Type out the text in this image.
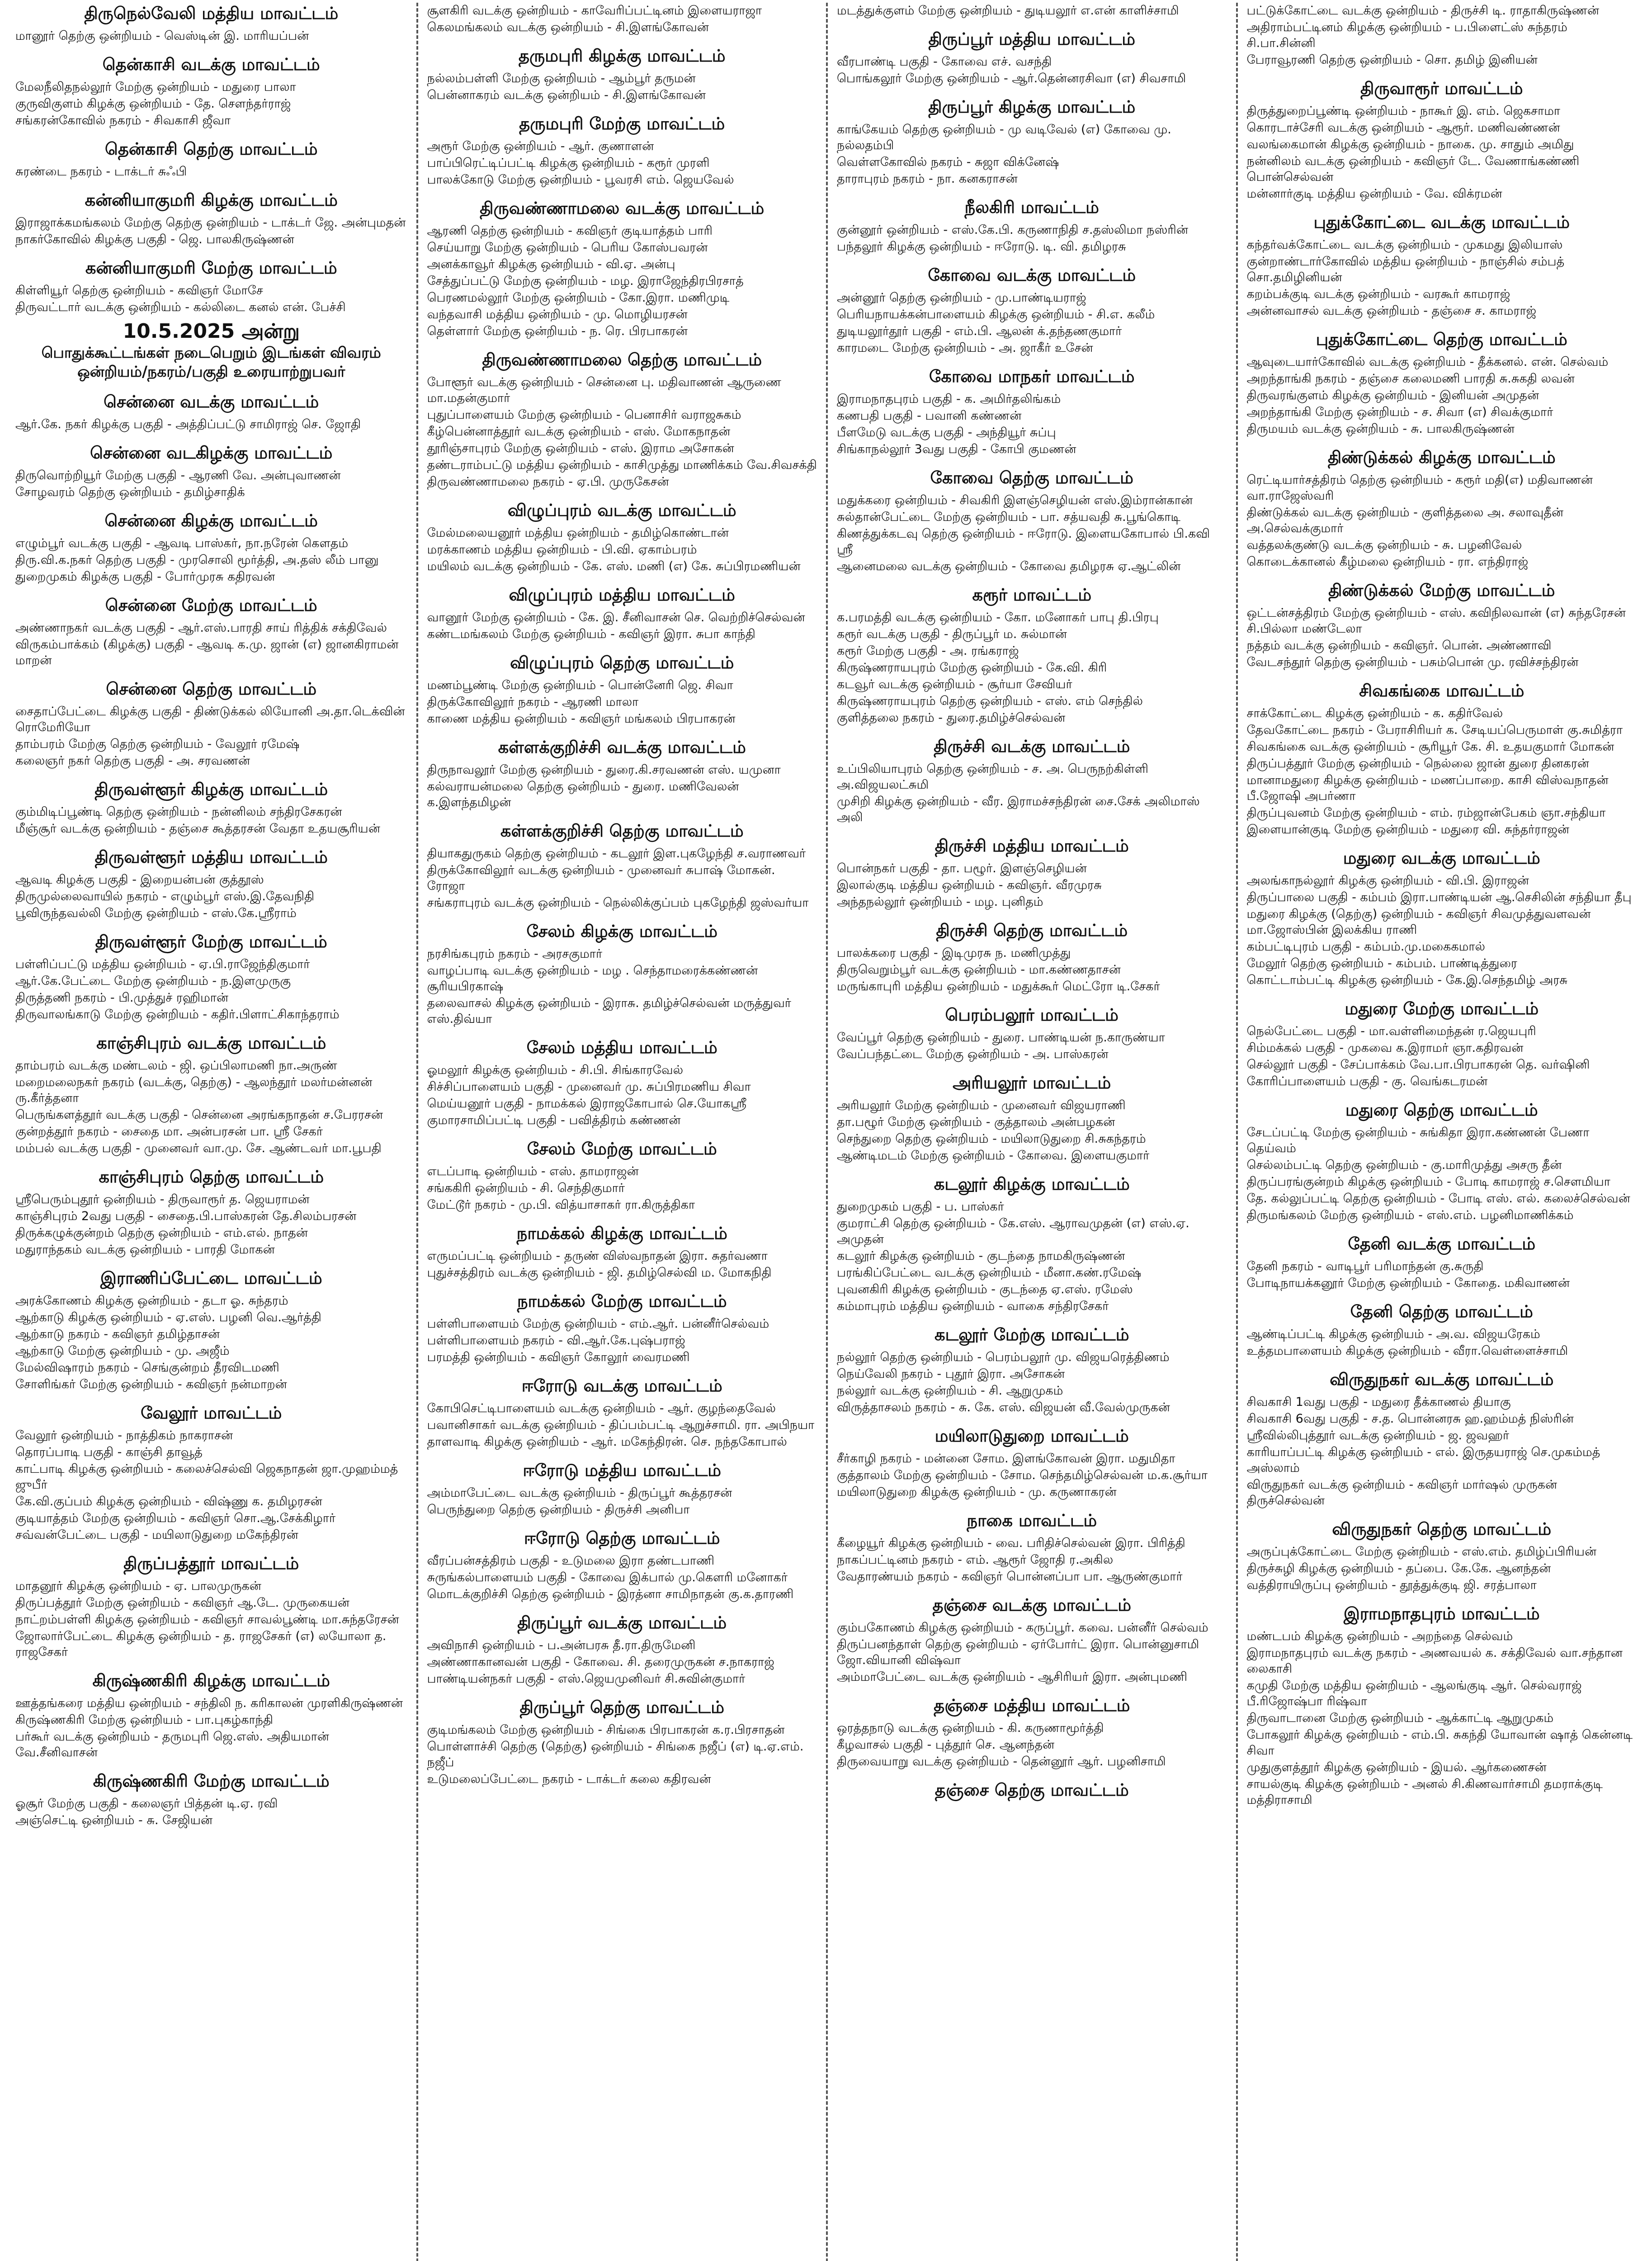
திருநெல்வேலி மத்திய மாவட்டம்
மானூர் தெற்கு ஒன்றியம் - வெஸ்டின் இ. மாரியப்பன்
தென்காசி வடக்கு மாவட்டம்
மேலநீலிதநல்லூர் மேற்கு ஒன்றியம் - மதுரை பாலா
குருவிகுளம் கிழக்கு ஒன்றியம் - தே. சௌந்தர்ராஜ்
சங்கரன்கோவில் நகரம் - சிவகாசி ஜீவா
தென்காசி தெற்கு மாவட்டம்
சுரண்டை நகரம் - டாக்டர் சுஃபி
கன்னியாகுமரி கிழக்கு மாவட்டம்
இராஜாக்கமங்கலம் மேற்கு தெற்கு ஒன்றியம் - டாக்டர் ஜே. அன்புமதன்
நாகர்கோவில் கிழக்கு பகுதி - ஜெ. பாலகிருஷ்ணன்
கன்னியாகுமரி மேற்கு மாவட்டம்
கிள்ளியூர் தெற்கு ஒன்றியம் - கவிஞர் மோசே
திருவட்டார் வடக்கு ஒன்றியம் - கல்லிடை கனல் என். பேச்சி
10.5.2025 அன்று
பொதுக்கூட்டங்கள் நடைபெறும் இடங்கள் விவரம்
ஒன்றியம்/நகரம்/பகுதி உரையாற்றுபவர்
சென்னை வடக்கு மாவட்டம்
ஆர்.கே. நகர் கிழக்கு பகுதி - அத்திப்பட்டு சாமிராஜ் செ. ஜோதி
சென்னை வடகிழக்கு மாவட்டம்
திருவொற்றியூர் மேற்கு பகுதி - ஆரணி வே. அன்புவாணன்
சோழவரம் தெற்கு ஒன்றியம் - தமிழ்சாதிக்
சென்னை கிழக்கு மாவட்டம்
எழும்பூர் வடக்கு பகுதி - ஆவடி பாஸ்கர், நா.நரேன் கௌதம்
திரு.வி.க.நகர் தெற்கு பகுதி - முரசொலி மூர்த்தி, அ.தஸ் லீம் பானு
துறைமுகம் கிழக்கு பகுதி - போர்முரசு கதிரவன்
சென்னை மேற்கு மாவட்டம்
அண்ணாநகர் வடக்கு பகுதி - ஆர்.எஸ்.பாரதி சாய் ரித்திக் சக்திவேல்
விருகம்பாக்கம் (கிழக்கு) பகுதி - ஆவடி க.மு. ஜான் (எ) ஜானகிராமன் மாறன்
சென்னை தெற்கு மாவட்டம்
சைதாப்பேட்டை கிழக்கு பகுதி - திண்டுக்கல் லியோனி அ.தா.டெக்வின் ரொமேரியோ
தாம்பரம் மேற்கு தெற்கு ஒன்றியம் - வேலூர் ரமேஷ்
கலைஞர் நகர் தெற்கு பகுதி - அ. சரவணன்
திருவள்ளூர் கிழக்கு மாவட்டம்
கும்மிடிப்பூண்டி தெற்கு ஒன்றியம் - நன்னிலம் சந்திரசேகரன்
மீஞ்சூர் வடக்கு ஒன்றியம் - தஞ்சை கூத்தரசன் வேதா உதயசூரியன்
திருவள்ளூர் மத்திய மாவட்டம்
ஆவடி கிழக்கு பகுதி - இறையன்பன் குத்தூஸ்
திருமுல்லைவாயில் நகரம் - எழும்பூர் எஸ்.இ.தேவநிதி
பூவிருந்தவல்லி மேற்கு ஒன்றியம் - எஸ்.கே.ஸ்ரீராம்
திருவள்ளூர் மேற்கு மாவட்டம்
பள்ளிப்பட்டு மத்திய ஒன்றியம் - ஏ.பி.ராஜேந்திகுமார்
ஆர்.கே.பேட்டை மேற்கு ஒன்றியம் - ந.இளமுருகு
திருத்தணி நகரம் - பி.முத்துச் ரஹிமான்
திருவாலங்காடு மேற்கு ஒன்றியம் - கதிர்.பிளாட்சிகாந்தராம்
காஞ்சிபுரம் வடக்கு மாவட்டம்
தாம்பரம் வடக்கு மண்டலம் - ஜி. ஒப்பிலாமணி நா.அருண்
மறைமலைநகர் நகரம் (வடக்கு, தெற்கு) - ஆலந்தூர் மலர்மன்னன் ரு.கீர்த்தனா
பெருங்களத்தூர் வடக்கு பகுதி - சென்னை அரங்கநாதன் ச.பேரரசன்
குன்றத்தூர் நகரம் - சைதை மா. அன்பரசன் பா. ஸ்ரீ சேகர்
மம்பல் வடக்கு பகுதி - முனைவர் வா.மு. சே. ஆண்டவர் மா.பூபதி
காஞ்சிபுரம் தெற்கு மாவட்டம்
ஸ்ரீபெரும்புதூர் ஒன்றியம் - திருவாரூர் த. ஜெயராமன்
காஞ்சிபுரம் 2வது பகுதி - சைதை.பி.பாஸ்கரன் தே.சிலம்பரசன்
திருக்கழுக்குன்றம் தெற்கு ஒன்றியம் - எம்.எல். நாதன்
மதுராந்தகம் வடக்கு ஒன்றியம் - பாரதி மோகன்
இராணிப்பேட்டை மாவட்டம்
அரக்கோணம் கிழக்கு ஒன்றியம் - தடா ஓ. சுந்தரம்
ஆற்காடு கிழக்கு ஒன்றியம் - ஏ.எஸ். பழனி வெ.ஆர்த்தி
ஆற்காடு நகரம் - கவிஞர் தமிழ்தாசன்
ஆற்காடு மேற்கு ஒன்றியம் - மு. அஜீம்
மேல்விஷாரம் நகரம் - செங்குன்றம் தீரவிடமணி
சோளிங்கர் மேற்கு ஒன்றியம் - கவிஞர் நன்மாறன்
வேலூர் மாவட்டம்
வேலூர் ஒன்றியம் - நாத்திகம் நாகராசன்
தொரப்பாடி பகுதி - காஞ்சி தாவூத்
காட்பாடி கிழக்கு ஒன்றியம் - கலைச்செல்வி ஜெகநாதன் ஜா.முஹம்மத் ஜுபீர்
கே.வி.குப்பம் கிழக்கு ஒன்றியம் - விஷ்ணு க. தமிழரசன்
குடியாத்தம் மேற்கு ஒன்றியம் - கவிஞர் சொ.ஆ.சேக்கிழார்
சவ்வன்பேட்டை பகுதி - மயிலாடுதுறை மகேந்திரன்
திருப்பத்தூர் மாவட்டம்
மாதனூர் கிழக்கு ஒன்றியம் - ஏ. பாலமுருகன்
திருப்பத்தூர் மேற்கு ஒன்றியம் - கவிஞர் ஆ.டே. முருகையன்
நாட்றம்பள்ளி கிழக்கு ஒன்றியம் - கவிஞர் சாவல்பூண்டி மா.சுந்தரேசன்
ஜோலார்பேட்டை கிழக்கு ஒன்றியம் - த. ராஜசேகர் (எ) லயோலா த. ராஜசேகர்
கிருஷ்ணகிரி கிழக்கு மாவட்டம்
ஊத்தங்கரை மத்திய ஒன்றியம் - சந்திலி ந. கரிகாலன் முரளிகிருஷ்ணன்
கிருஷ்ணகிரி மேற்கு ஒன்றியம் - பா.புகழ்காந்தி
பர்கூர் வடக்கு ஒன்றியம் - தருமபுரி ஜெ.எஸ். அதியமான் வே.சீனிவாசன்
கிருஷ்ணகிரி மேற்கு மாவட்டம்
ஓசூர் மேற்கு பகுதி - கலைஞர் பித்தன் டி.ஏ. ரவி
அஞ்செட்டி ஒன்றியம் - சு. சேஜியன்
சூளகிரி வடக்கு ஒன்றியம் - காவேரிப்பட்டினம் இளையராஜா
கெலமங்கலம் வடக்கு ஒன்றியம் - சி.இளங்கோவன்
தருமபுரி கிழக்கு மாவட்டம்
நல்லம்பள்ளி மேற்கு ஒன்றியம் - ஆம்பூர் தருமன்
பென்னாகரம் வடக்கு ஒன்றியம் - சி.இளங்கோவன்
தருமபுரி மேற்கு மாவட்டம்
அரூர் மேற்கு ஒன்றியம் - ஆர். குணாளன்
பாப்பிரெட்டிப்பட்டி கிழக்கு ஒன்றியம் - கரூர் முரளி
பாலக்கோடு மேற்கு ஒன்றியம் - பூவரசி எம். ஜெயவேல்
திருவண்ணாமலை வடக்கு மாவட்டம்
ஆரணி தெற்கு ஒன்றியம் - கவிஞர் குடியாத்தம் பாரி
செய்யாறு மேற்கு ஒன்றியம் - பெரிய கோஸ்பவரன்
அனக்காவூர் கிழக்கு ஒன்றியம் - வி.ஏ. அன்பு
சேத்துப்பட்டு மேற்கு ஒன்றியம் - மழ. இராஜேந்திரபிரசாத்
பெரணமல்லூர் மேற்கு ஒன்றியம் - கோ.இரா. மணிமுடி
வந்தவாசி மத்திய ஒன்றியம் - மு. மொழியரசன்
தெள்ளார் மேற்கு ஒன்றியம் - ந. ரெ. பிரபாகரன்
திருவண்ணாமலை தெற்கு மாவட்டம்
போளூர் வடக்கு ஒன்றியம் - சென்னை பு. மதிவாணன் ஆருணை மா.மதன்குமார்
புதுப்பாளையம் மேற்கு ஒன்றியம் - பெனாசிர் வராஜசுகம்
கீழ்பென்னாத்தூர் வடக்கு ஒன்றியம் - எஸ். மோகநாதன்
தூரிஞ்சாபுரம் மேற்கு ஒன்றியம் - எஸ். இராம அசோகன்
தண்டராம்பட்டு மத்திய ஒன்றியம் - காசிமுத்து மாணிக்கம் வே.சிவசக்தி
திருவண்ணாமலை நகரம் - ஏ.பி. முருகேசன்
விழுப்புரம் வடக்கு மாவட்டம்
மேல்மலையனூர் மத்திய ஒன்றியம் - தமிழ்கொண்டான்
மரக்காணம் மத்திய ஒன்றியம் - பி.வி. ஏகாம்பரம்
மயிலம் வடக்கு ஒன்றியம் - கே. எஸ். மணி (எ) கே. சுப்பிரமணியன்
விழுப்புரம் மத்திய மாவட்டம்
வானூர் மேற்கு ஒன்றியம் - கே. இ. சீனிவாசன் செ. வெற்றிச்செல்வன்
கண்டமங்கலம் மேற்கு ஒன்றியம் - கவிஞர் இரா. சுபா காந்தி
விழுப்புரம் தெற்கு மாவட்டம்
மணம்பூண்டி மேற்கு ஒன்றியம் - பொன்னேரி ஜெ. சிவா
திருக்கோவிலூர் நகரம் - ஆரணி மாலா
காணை மத்திய ஒன்றியம் - கவிஞர் மங்கலம் பிரபாகரன்
கள்ளக்குறிச்சி வடக்கு மாவட்டம்
திருநாவலூர் மேற்கு ஒன்றியம் - துரை.கி.சரவணன் எஸ். யமுனா
கல்வராயன்மலை தெற்கு ஒன்றியம் - துரை. மணிவேலன் க.இளந்தமிழன்
கள்ளக்குறிச்சி தெற்கு மாவட்டம்
தியாகதுருகம் தெற்கு ஒன்றியம் - கடலூர் இள.புகழேந்தி ச.வராணவர்
திருக்கோவிலூர் வடக்கு ஒன்றியம் - முனைவர் சுபாஷ் மோகன். ரோஜா
சங்கராபுரம் வடக்கு ஒன்றியம் - நெல்லிக்குப்பம் புகழேந்தி ஜஸ்வர்யா
சேலம் கிழக்கு மாவட்டம்
நரசிங்கபுரம் நகரம் - அரசகுமார்
வாழப்பாடி வடக்கு ஒன்றியம் - மழ . செந்தாமரைக்கண்ணன் சூரியபிரகாஷ்
தலைவாசல் கிழக்கு ஒன்றியம் - இராசு. தமிழ்ச்செல்வன் மருத்துவர் எஸ்.திவ்யா
சேலம் மத்திய மாவட்டம்
ஓமலூர் கிழக்கு ஒன்றியம் - சி.பி. சிங்காரவேல்
சிச்சிப்பாளையம் பகுதி - முனைவர் மு. சுப்பிரமணிய சிவா
மெய்யனூர் பகுதி - நாமக்கல் இராஜகோபால் செ.யோகஸ்ரீ
குமாரசாமிப்பட்டி பகுதி - பவித்திரம் கண்ணன்
சேலம் மேற்கு மாவட்டம்
எடப்பாடி ஒன்றியம் - எஸ். தாமராஜன்
சங்ககிரி ஒன்றியம் - சி. செந்திகுமார்
மேட்டூர் நகரம் - மு.பி. வித்யாசாகர் ரா.கிருத்திகா
நாமக்கல் கிழக்கு மாவட்டம்
எருமப்பட்டி ஒன்றியம் - தருண் விஸ்வநாதன் இரா. சுதர்வணா
புதுச்சத்திரம் வடக்கு ஒன்றியம் - ஜி. தமிழ்செல்வி ம. மோகநிதி
நாமக்கல் மேற்கு மாவட்டம்
பள்ளிபாளையம் மேற்கு ஒன்றியம் - எம்.ஆர். பன்னீர்செல்வம்
பள்ளிபாளையம் நகரம் - வி.ஆர்.கே.புஷ்பராஜ்
பரமத்தி ஒன்றியம் - கவிஞர் கோலூர் வைரமணி
ஈரோடு வடக்கு மாவட்டம்
கோபிசெட்டிபாளையம் வடக்கு ஒன்றியம் - ஆர். குழந்தைவேல்
பவானிசாகர் வடக்கு ஒன்றியம் - திப்பம்பட்டி ஆறுச்சாமி. ரா. அபிநயா
தாளவாடி கிழக்கு ஒன்றியம் - ஆர். மகேந்திரன். செ. நந்தகோபால்
ஈரோடு மத்திய மாவட்டம்
அம்மாபேட்டை வடக்கு ஒன்றியம் - திருப்பூர் கூத்தரசன்
பெருந்துறை தெற்கு ஒன்றியம் - திருச்சி அனிபா
ஈரோடு தெற்கு மாவட்டம்
வீரப்பன்சத்திரம் பகுதி - உடுமலை இரா தண்டபாணி
சுருங்கல்பாளையம் பகுதி - கோவை இக்பால் மு.கௌரி மனோகர்
மொடக்குறிச்சி தெற்கு ஒன்றியம் - இரத்னா சாமிநாதன் கு.க.தாரணி
திருப்பூர் வடக்கு மாவட்டம்
அவிநாசி ஒன்றியம் - ப.அன்பரசு தீ.ரா.திருமேனி
அண்ணாகானவன் பகுதி - கோவை. சி. தரைமுருகன் ச.நாகராஜ்
பாண்டியன்நகர் பகுதி - எஸ்.ஜெயமுனிவர் சி.சுவின்குமார்
திருப்பூர் தெற்கு மாவட்டம்
குடிமங்கலம் மேற்கு ஒன்றியம் - சிங்கை பிரபாகரன் க.ர.பிரசாதன்
பொள்ளாச்சி தெற்கு (தெற்கு) ஒன்றியம் - சிங்கை நஜீப் (எ) டி.ஏ.எம். நஜீப்
உடுமலைப்பேட்டை நகரம் - டாக்டர் கலை கதிரவன்
மடத்துக்குளம் மேற்கு ஒன்றியம் - துடியலூர் எ.என் காளிச்சாமி
திருப்பூர் மத்திய மாவட்டம்
வீரபாண்டி பகுதி - கோவை எச். வசந்தி
பொங்கலூர் மேற்கு ஒன்றியம் - ஆர்.தென்னரசிவா (எ) சிவசாமி
திருப்பூர் கிழக்கு மாவட்டம்
காங்கேயம் தெற்கு ஒன்றியம் - மு வடிவேல் (எ) கோவை மு. நல்லதம்பி
வெள்ளகோவில் நகரம் - சுஜா விக்னேஷ்
தாராபுரம் நகரம் - நா. கனகராசன்
நீலகிரி மாவட்டம்
குன்னூர் ஒன்றியம் - எஸ்.கே.பி. கருணாநிதி ச.தஸ்லிமா நஸ்ரின்
பந்தலூர் கிழக்கு ஒன்றியம் - ஈரோடு. டி. வி. தமிழரசு
கோவை வடக்கு மாவட்டம்
அன்னூர் தெற்கு ஒன்றியம் - மு.பாண்டியராஜ்
பெரியநாயக்கன்பாளையம் கிழக்கு ஒன்றியம் - சி.எ. கலீம்
துடியலூர்தூர் பகுதி - எம்.பி. ஆலன் க்.தந்தணகுமார்
காரமடை மேற்கு ஒன்றியம் - அ. ஜாகீர் உசேன்
கோவை மாநகர் மாவட்டம்
இராமநாதபுரம் பகுதி - க. அமிர்தலிங்கம்
கணபதி பகுதி - பவானி கண்ணன்
பீளமேடு வடக்கு பகுதி - அந்தியூர் சுப்பு
சிங்காநல்லூர் 3வது பகுதி - கோபி குமணன்
கோவை தெற்கு மாவட்டம்
மதுக்கரை ஒன்றியம் - சிவகிரி இளஞ்செழியன் எஸ்.இம்ரான்கான்
சுல்தான்பேட்டை மேற்கு ஒன்றியம் - பா. சத்யவதி சு.பூங்கொடி
கிணத்துக்கடவு தெற்கு ஒன்றியம் - ஈரோடு. இளையகோபால் பி.கவி ஸ்ரீ
ஆனைமலை வடக்கு ஒன்றியம் - கோவை தமிழரசு ஏ.ஆட்லின்
கரூர் மாவட்டம்
க.பரமத்தி வடக்கு ஒன்றியம் - கோ. மனோகர் பாபு தி.பிரபு
கரூர் வடக்கு பகுதி - திருப்பூர் ம. சுல்மான்
கரூர் மேற்கு பகுதி - அ. ரங்கராஜ்
கிருஷ்ணராயபுரம் மேற்கு ஒன்றியம் - கே.வி. கிரி
கடவூர் வடக்கு ஒன்றியம் - சூர்யா சேவியர்
கிருஷ்ணராயபுரம் தெற்கு ஒன்றியம் - எஸ். எம் செந்தில்
குளித்தலை நகரம் - துரை.தமிழ்ச்செல்வன்
திருச்சி வடக்கு மாவட்டம்
உப்பிலியாபுரம் தெற்கு ஒன்றியம் - ச. அ. பெருநற்கிள்ளி அ.விஜயலட்சுமி
முசிறி கிழக்கு ஒன்றியம் - வீர. இராமச்சந்திரன் சை.சேக் அலிமாஸ் அலி
திருச்சி மத்திய மாவட்டம்
பொன்நகர் பகுதி - தா. பழூர். இளஞ்செழியன்
இலால்குடி மத்திய ஒன்றியம் - கவிஞர். வீரமுரசு
அந்தநல்லூர் ஒன்றியம் - மழ. புனிதம்
திருச்சி தெற்கு மாவட்டம்
பாலக்கரை பகுதி - இடிமுரசு ந. மணிமுத்து
திருவெறும்பூர் வடக்கு ஒன்றியம் - மா.கண்ணதாசன்
மருங்காபுரி மத்திய ஒன்றியம் - மதுக்கூர் மெட்ரோ டி.சேகர்
பெரம்பலூர் மாவட்டம்
வேப்பூர் தெற்கு ஒன்றியம் - துரை. பாண்டியன் ந.காருண்யா
வேப்பந்தட்டை மேற்கு ஒன்றியம் - அ. பாஸ்கரன்
அரியலூர் மாவட்டம்
அரியலூர் மேற்கு ஒன்றியம் - முனைவர் விஜயராணி
தா.பழூர் மேற்கு ஒன்றியம் - குத்தாலம் அன்பழகன்
செந்துறை தெற்கு ஒன்றியம் - மயிலாடுதுறை சி.சுகந்தரம்
ஆண்டிமடம் மேற்கு ஒன்றியம் - கோவை. இளையகுமார்
கடலூர் கிழக்கு மாவட்டம்
துறைமுகம் பகுதி - ப. பாஸ்கர்
குமராட்சி தெற்கு ஒன்றியம் - கே.எஸ். ஆராவமுதன் (எ) எஸ்.ஏ. அமுதன்
கடலூர் கிழக்கு ஒன்றியம் - குடந்தை நாமகிருஷ்ணன்
பரங்கிப்பேட்டை வடக்கு ஒன்றியம் - மீனா.கண்.ரமேஷ்
புவனகிரி கிழக்கு ஒன்றியம் - குடந்தை ஏ.எஸ். ரமேஸ்
கம்மாபுரம் மத்திய ஒன்றியம் - வாகை சந்திரசேகர்
கடலூர் மேற்கு மாவட்டம்
நல்லூர் தெற்கு ஒன்றியம் - பெரம்பலூர் மு. விஜயரெத்திணம்
நெய்வேலி நகரம் - புதூர் இரா. அசோகன்
நல்லூர் வடக்கு ஒன்றியம் - சி. ஆறுமுகம்
விருத்தாசலம் நகரம் - சு. கே. எஸ். விஜயன் வீ.வேல்முருகன்
மயிலாடுதுறை மாவட்டம்
சீர்காழி நகரம் - மன்னை சோம. இளங்கோவன் இரா. மதுமிதா
குத்தாலம் மேற்கு ஒன்றியம் - சோம. செந்தமிழ்செல்வன் ம.க.சூர்யா
மயிலாடுதுறை கிழக்கு ஒன்றியம் - மு. கருணாகரன்
நாகை மாவட்டம்
கீழையூர் கிழக்கு ஒன்றியம் - வை. பரிதிச்செல்வன் இரா. பிரித்தி
நாகப்பட்டினம் நகரம் - எம். ஆரூர் ஜோதி ர.அகில
வேதாரண்யம் நகரம் - கவிஞர் பொன்னப்பா பா. ஆருண்குமார்
தஞ்சை வடக்கு மாவட்டம்
கும்பகோணம் கிழக்கு ஒன்றியம் - கருப்பூர். கவை. பன்னீர் செல்வம்
திருப்பனந்தாள் தெற்கு ஒன்றியம் - ஏர்போர்ட் இரா. பொன்னுசாமி ஜோ.வியானி விஷ்வா
அம்மாபேட்டை வடக்கு ஒன்றியம் - ஆசிரியர் இரா. அன்புமணி
தஞ்சை மத்திய மாவட்டம்
ஒரத்தநாடு வடக்கு ஒன்றியம் - கி. கருணாமூர்த்தி
கீழவாசல் பகுதி - புத்தூர் செ. ஆனந்தன்
திருவையாறு வடக்கு ஒன்றியம் - தென்னூர் ஆர். பழனிசாமி
தஞ்சை தெற்கு மாவட்டம்
பட்டுக்கோட்டை வடக்கு ஒன்றியம் - திருச்சி டி. ராதாகிருஷ்ணன்
அதிராம்பட்டினம் கிழக்கு ஒன்றியம் - ப.பிளைட்ஸ் சுந்தரம் சி.பா.சின்னி
பேராவூரணி தெற்கு ஒன்றியம் - சொ. தமிழ் இனியன்
திருவாரூர் மாவட்டம்
திருத்துறைப்பூண்டி ஒன்றியம் - நாகூர் இ. எம். ஜெகசாமா
கொரடாச்சேரி வடக்கு ஒன்றியம் - ஆரூர். மணிவண்ணன்
வலங்கைமான் கிழக்கு ஒன்றியம் - நாகை. மு. சாதும் அமிது
நன்னிலம் வடக்கு ஒன்றியம் - கவிஞர் டே. வேணாங்கண்ணி பொன்செல்வன்
மன்னார்குடி மத்திய ஒன்றியம் - வே. விக்ரமன்
புதுக்கோட்டை வடக்கு மாவட்டம்
கந்தர்வக்கோட்டை வடக்கு ஒன்றியம் - முகமது இலியாஸ்
குன்றாண்டார்கோவில் மத்திய ஒன்றியம் - நாஞ்சில் சம்பத் சொ.தமிழினியன்
கறம்பக்குடி வடக்கு ஒன்றியம் - வரகூர் காமராஜ்
அன்னவாசல் வடக்கு ஒன்றியம் - தஞ்சை ச. காமராஜ்
புதுக்கோட்டை தெற்கு மாவட்டம்
ஆவுடையார்கோவில் வடக்கு ஒன்றியம் - தீக்கனல். என். செல்வம்
அறந்தாங்கி நகரம் - தஞ்சை கலைமணி பாரதி சு.சுகதி லவன்
திருவரங்குளம் கிழக்கு ஒன்றியம் - இனியன் அமுதன்
அறந்தாங்கி மேற்கு ஒன்றியம் - ச. சிவா (எ) சிவக்குமார்
திருமயம் வடக்கு ஒன்றியம் - சு. பாலகிருஷ்ணன்
திண்டுக்கல் கிழக்கு மாவட்டம்
ரெட்டியார்சத்திரம் தெற்கு ஒன்றியம் - கரூர் மதி(எ) மதிவாணன் வா.ராஜேஸ்வரி
திண்டுக்கல் வடக்கு ஒன்றியம் - குளித்தலை அ. சலாவுதீன் அ.செல்வக்குமார்
வத்தலக்குண்டு வடக்கு ஒன்றியம் - சு. பழனிவேல்
கொடைக்கானல் கீழ்மலை ஒன்றியம் - ரா. எந்திராஜ்
திண்டுக்கல் மேற்கு மாவட்டம்
ஒட்டன்சத்திரம் மேற்கு ஒன்றியம் - எஸ். கவிநிலவான் (எ) சுந்தரேசன் சி.பில்லா மண்டேலா
நத்தம் வடக்கு ஒன்றியம் - கவிஞர். பொன். அண்ணாவி
வேடசந்தூர் தெற்கு ஒன்றியம் - பசும்பொன் மு. ரவிச்சந்திரன்
சிவகங்கை மாவட்டம்
சாக்கோட்டை கிழக்கு ஒன்றியம் - க. கதிர்வேல்
தேவகோட்டை நகரம் - பேராசிரியர் க. சேடியப்பெருமாள் கு.சுமித்ரா
சிவகங்கை வடக்கு ஒன்றியம் - சூரியூர் கே. சி. உதயகுமார் மோகன்
திருப்பத்தூர் மேற்கு ஒன்றியம் - நெல்லை ஜான் துரை தினகரன்
மானாமதுரை கிழக்கு ஒன்றியம் - மணப்பாறை. காசி விஸ்வநாதன் பீ.ஜோஷி அபர்ணா
திருப்புவனம் மேற்கு ஒன்றியம் - எம். ரம்ஜான்பேகம் ஞா.சந்தியா
இளையான்குடி மேற்கு ஒன்றியம் - மதுரை வி. சுந்தர்ராஜன்
மதுரை வடக்கு மாவட்டம்
அலங்காநல்லூர் கிழக்கு ஒன்றியம் - வி.பி. இராஜன்
திருப்பாலை பகுதி - கம்பம் இரா.பாண்டியன் ஆ.செசிலின் சந்தியா தீபு
மதுரை கிழக்கு (தெற்கு) ஒன்றியம் - கவிஞர் சிவமுத்துவளவன் மா.ஜோஸ்பின் இலக்கிய ராணி
கம்பட்டிபுரம் பகுதி - கம்பம்.மு.மகைகமால்
மேலூர் தெற்கு ஒன்றியம் - கம்பம். பாண்டித்துரை
கொட்டாம்பட்டி கிழக்கு ஒன்றியம் - கே.இ.செந்தமிழ் அரசு
மதுரை மேற்கு மாவட்டம்
நெல்பேட்டை பகுதி - மா.வள்ளிமைந்தன் ர.ஜெயபுரி
சிம்மக்கல் பகுதி - முகவை க.இராமர் ஞா.கதிரவன்
செல்லூர் பகுதி - சேப்பாக்கம் வே.பா.பிரபாகரன் தெ. வர்ஷினி
கோரிப்பாளையம் பகுதி - கு. வெங்கடரமன்
மதுரை தெற்கு மாவட்டம்
சேடப்பட்டி மேற்கு ஒன்றியம் - சுங்கிதா இரா.கண்ணன் பேணா தெய்வம்
செல்லம்பட்டி தெற்கு ஒன்றியம் - கு.மாரிமுத்து அசரு தீன்
திருப்பரங்குன்றம் கிழக்கு ஒன்றியம் - போடி காமராஜ் ச.சௌமியா
தே. கல்லுப்பட்டி தெற்கு ஒன்றியம் - போடி எஸ். எல். கலைச்செல்வன்
திருமங்கலம் மேற்கு ஒன்றியம் - எஸ்.எம். பழனிமாணிக்கம்
தேனி வடக்கு மாவட்டம்
தேனி நகரம் - வாடிபூர் பரிமாந்தன் கு.சுருதி
போடிநாயக்கனூர் மேற்கு ஒன்றியம் - கோதை. மகிவாணன்
தேனி தெற்கு மாவட்டம்
ஆண்டிப்பட்டி கிழக்கு ஒன்றியம் - அ.வ. விஜயரேகம்
உத்தமபாளையம் கிழக்கு ஒன்றியம் - வீரா.வெள்ளைச்சாமி
விருதுநகர் வடக்கு மாவட்டம்
சிவகாசி 1வது பகுதி - மதுரை தீக்காணல் தியாகு
சிவகாசி 6வது பகுதி - ச.த. பொன்னரசு ஹ.ஹம்மத் நிஸ்ரின்
ஸ்ரீவில்லிபுத்தூர் வடக்கு ஒன்றியம் - ஜ. ஜவஹர்
காரியாப்பட்டி கிழக்கு ஒன்றியம் - எல். இருதயராஜ் செ.முகம்மத் அஸ்லாம்
விருதுநகர் வடக்கு ஒன்றியம் - கவிஞர் மார்ஷல் முருகன் திருச்செல்வன்
விருதுநகர் தெற்கு மாவட்டம்
அருப்புக்கோட்டை மேற்கு ஒன்றியம் - எஸ்.எம். தமிழ்ப்பிரியன்
திருச்சுழி கிழக்கு ஒன்றியம் - தப்பை. கே.கே. ஆனந்தன்
வத்திராயிருப்பு ஒன்றியம் - தூத்துக்குடி ஜி. சரத்பாலா
இராமநாதபுரம் மாவட்டம்
மண்டபம் கிழக்கு ஒன்றியம் - அறந்தை செல்வம்
இராமநாதபுரம் வடக்கு நகரம் - அணவயல் க. சக்திவேல் வா.சந்தான லைகாசி
கமுதி மேற்கு மத்திய ஒன்றியம் - ஆலங்குடி ஆர். செல்வராஜ் பீ.ரிஜோஷ்பா ரிஷ்வா
திருவாடானை மேற்கு ஒன்றியம் - ஆக்காட்டி ஆறுமுகம்
போகலூர் கிழக்கு ஒன்றியம் - எம்.பி. சுகந்தி யோவான் ஷாத் கென்னடி சிவா
முதுகுளத்தூர் கிழக்கு ஒன்றியம் - இயல். ஆர்கணைசன்
சாயல்குடி கிழக்கு ஒன்றியம் - அனல் சி.கிணவார்சாமி தமராக்குடி மத்திராசாமி
